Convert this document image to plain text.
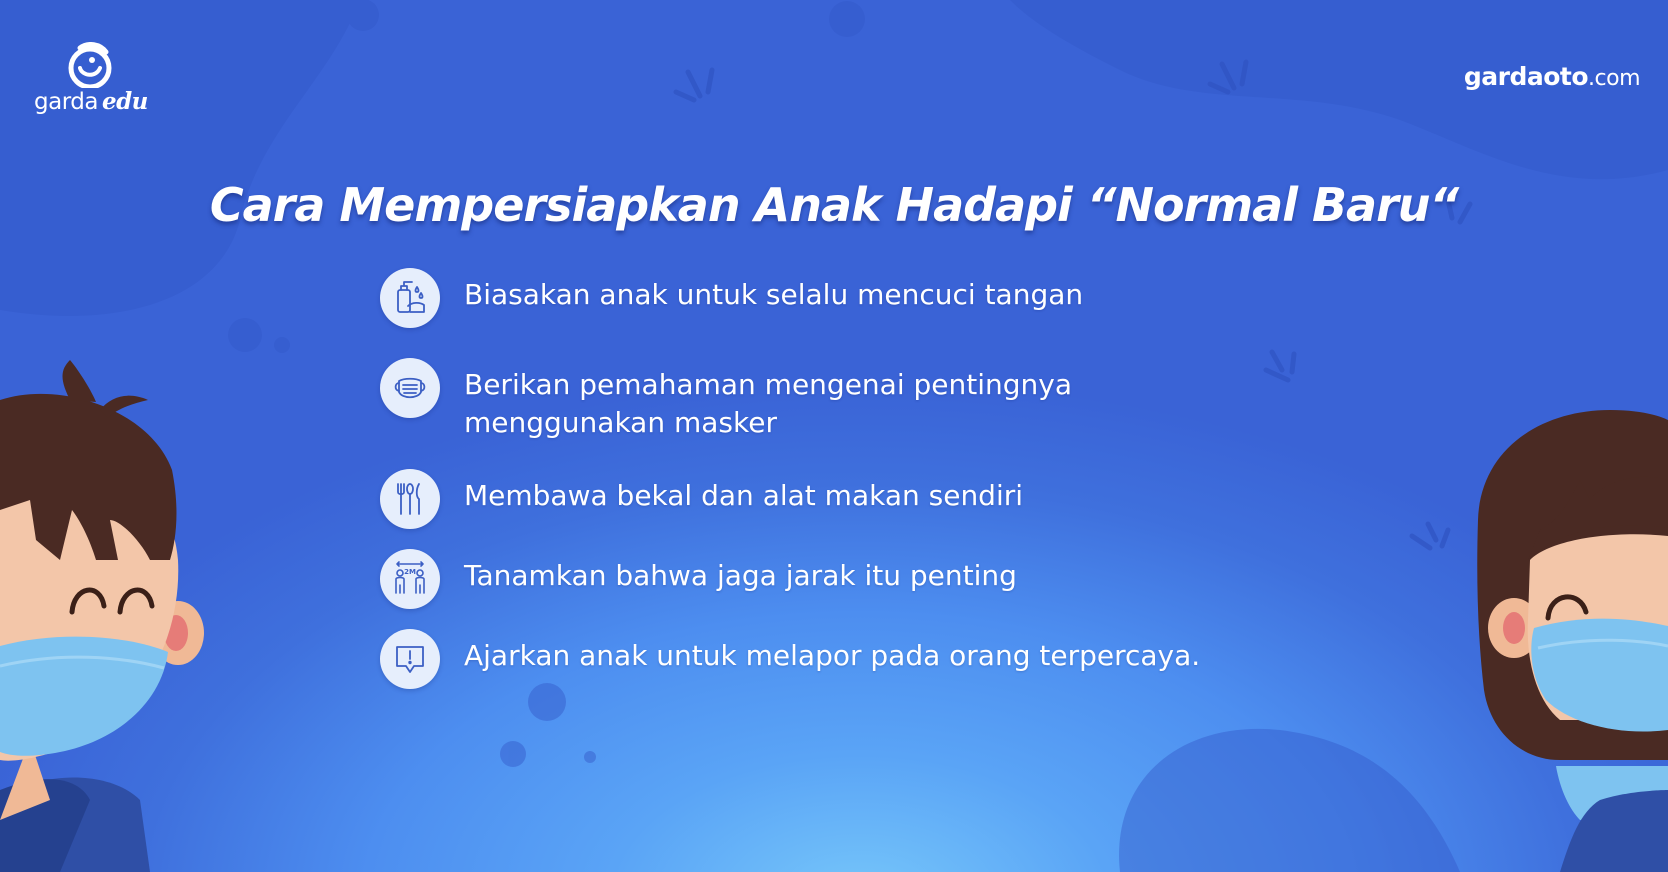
garda edu
gardaoto.com
Cara Mempersiapkan Anak Hadapi “Normal Baru“
Biasakan anak untuk selalu mencuci tangan
Berikan pemahaman mengenai pentingnya
menggunakan masker
Membawa bekal dan alat makan sendiri
2M Tanamkan bahwa jaga jarak itu penting
Ajarkan anak untuk melapor pada orang terpercaya.
